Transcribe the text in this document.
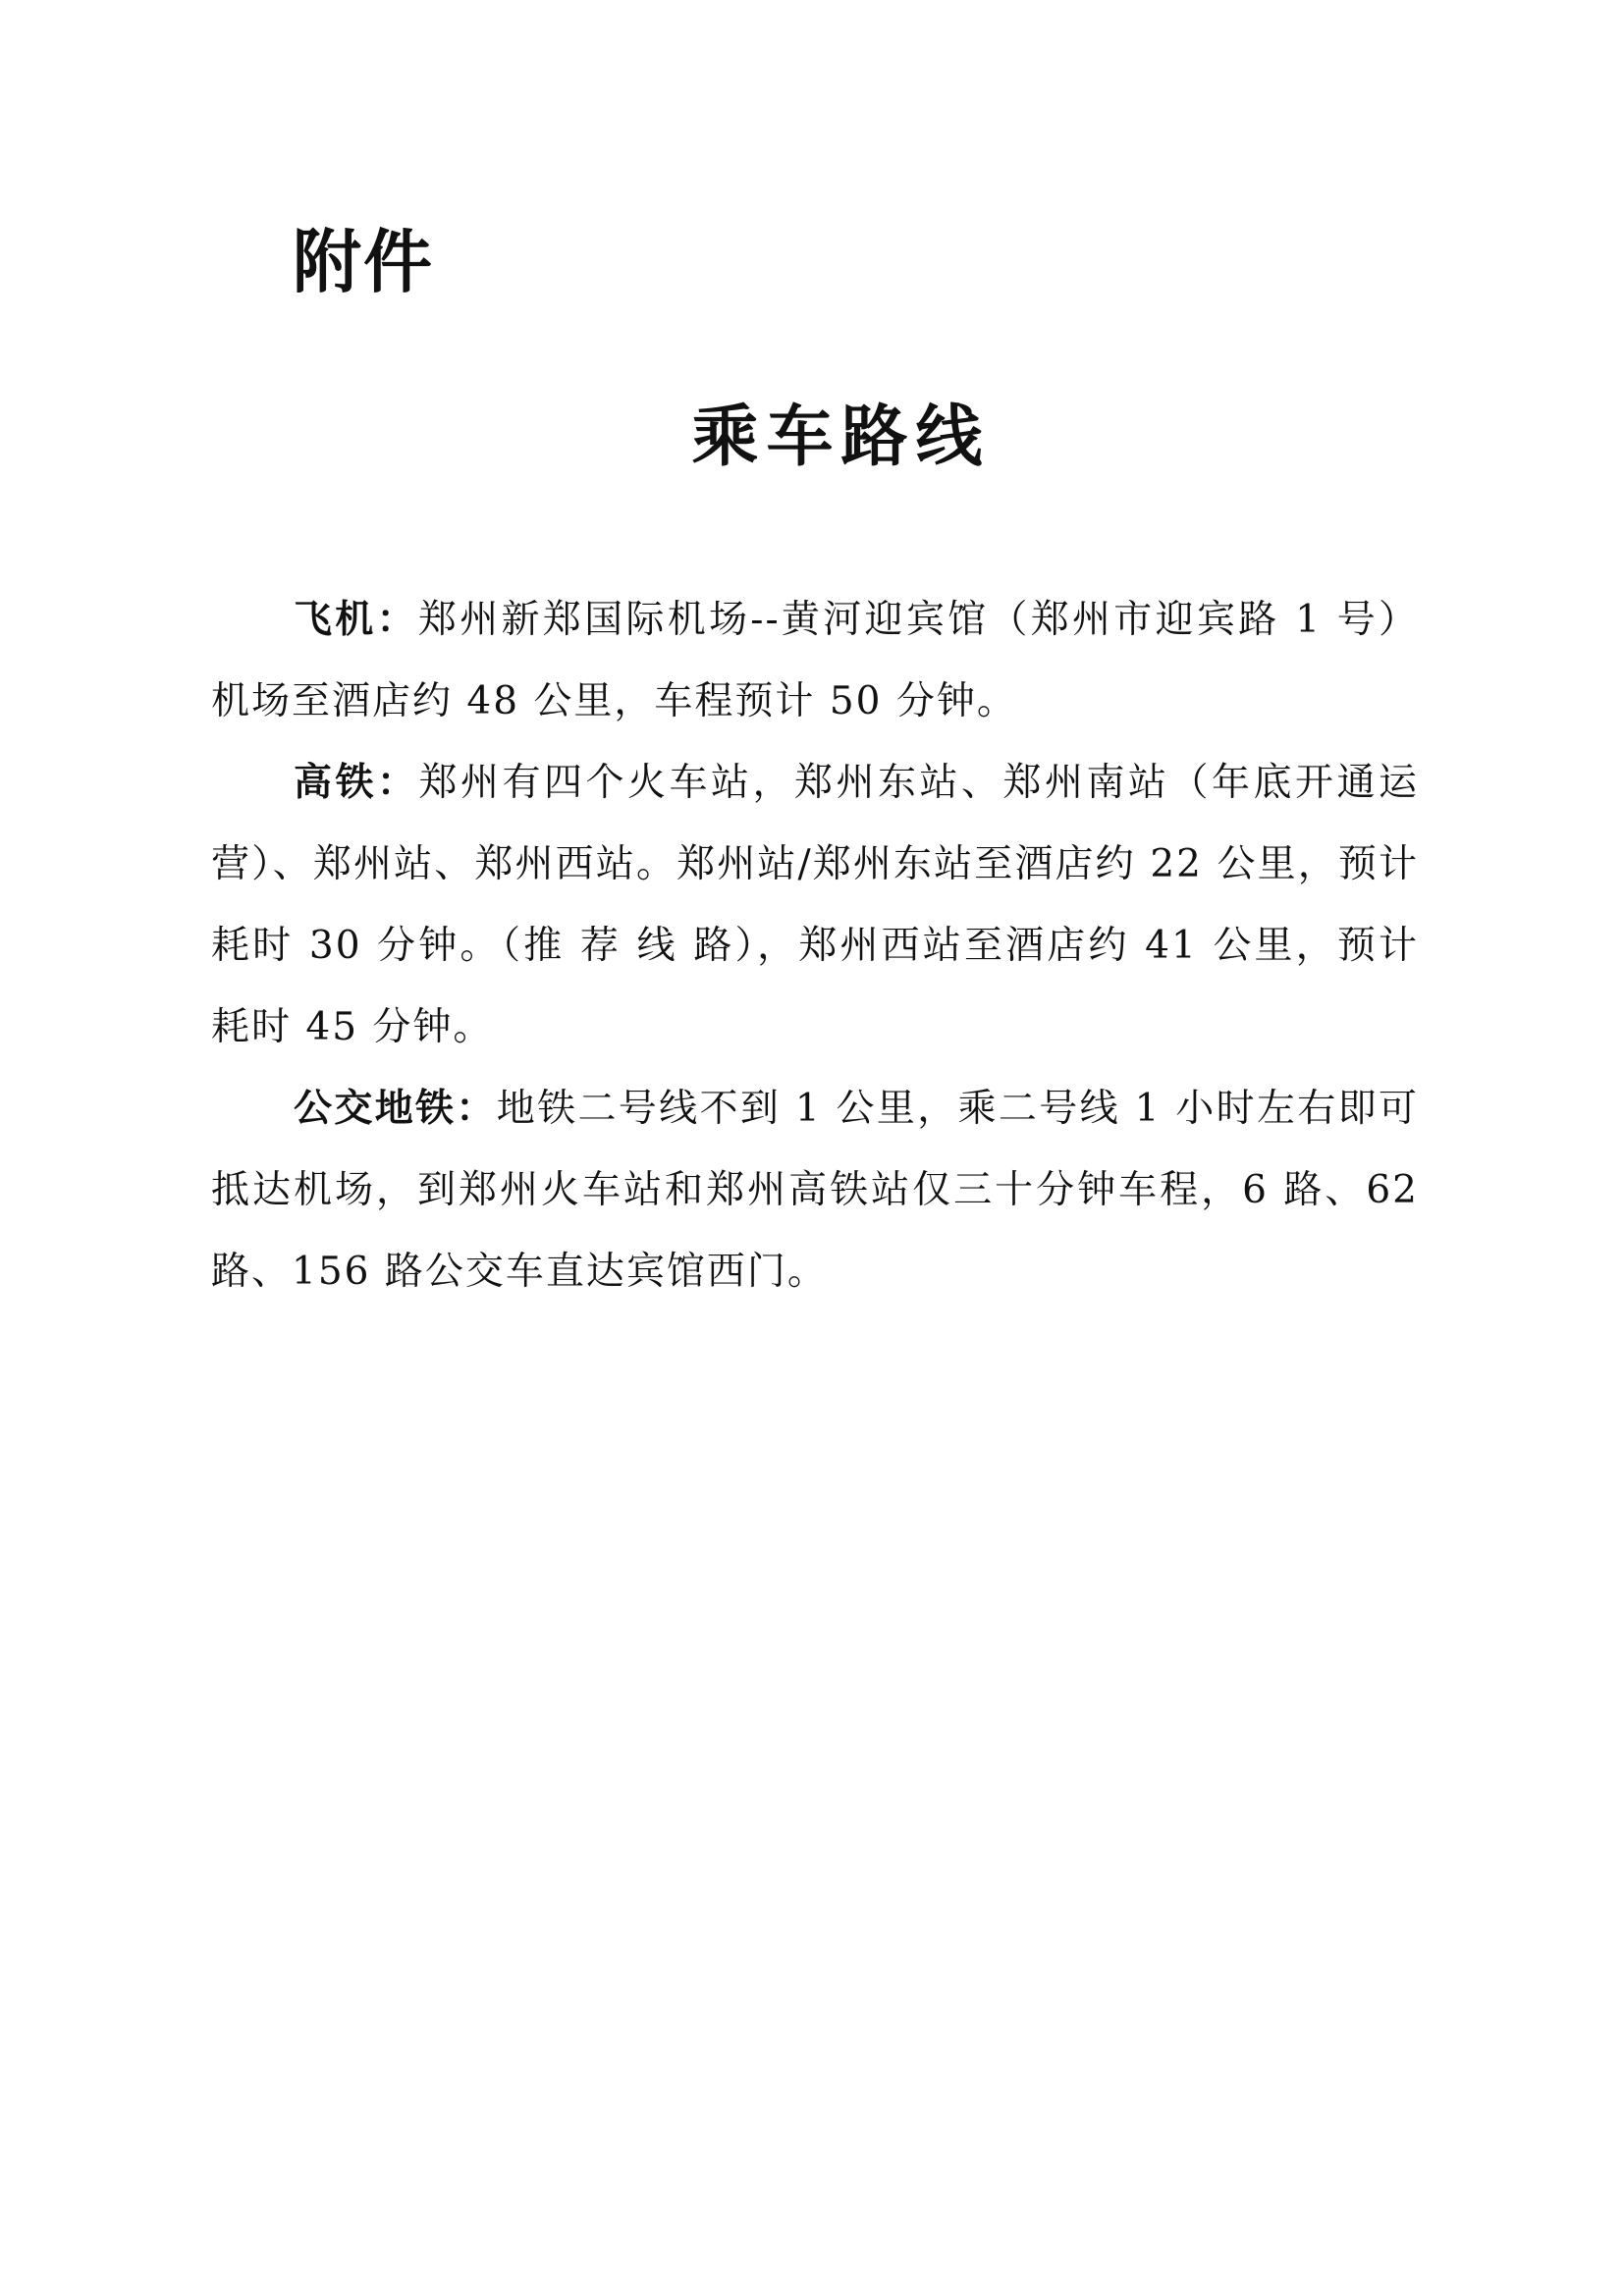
附件
乘车路线

飞机：郑州新郑国际机场--黄河迎宾馆（郑州市迎宾路 1 号）机场至酒店约 48 公里，车程预计 50 分钟。

高铁：郑州有四个火车站，郑州东站、郑州南站（年底开通运营）、郑州站、郑州西站。郑州站/郑州东站至酒店约 22 公里，预计耗时 30 分钟。（推 荐 线 路），郑州西站至酒店约 41 公里，预计耗时 45 分钟。

公交地铁：地铁二号线不到 1 公里，乘二号线 1 小时左右即可抵达机场，到郑州火车站和郑州高铁站仅三十分钟车程，6 路、62 路、156 路公交车直达宾馆西门。
